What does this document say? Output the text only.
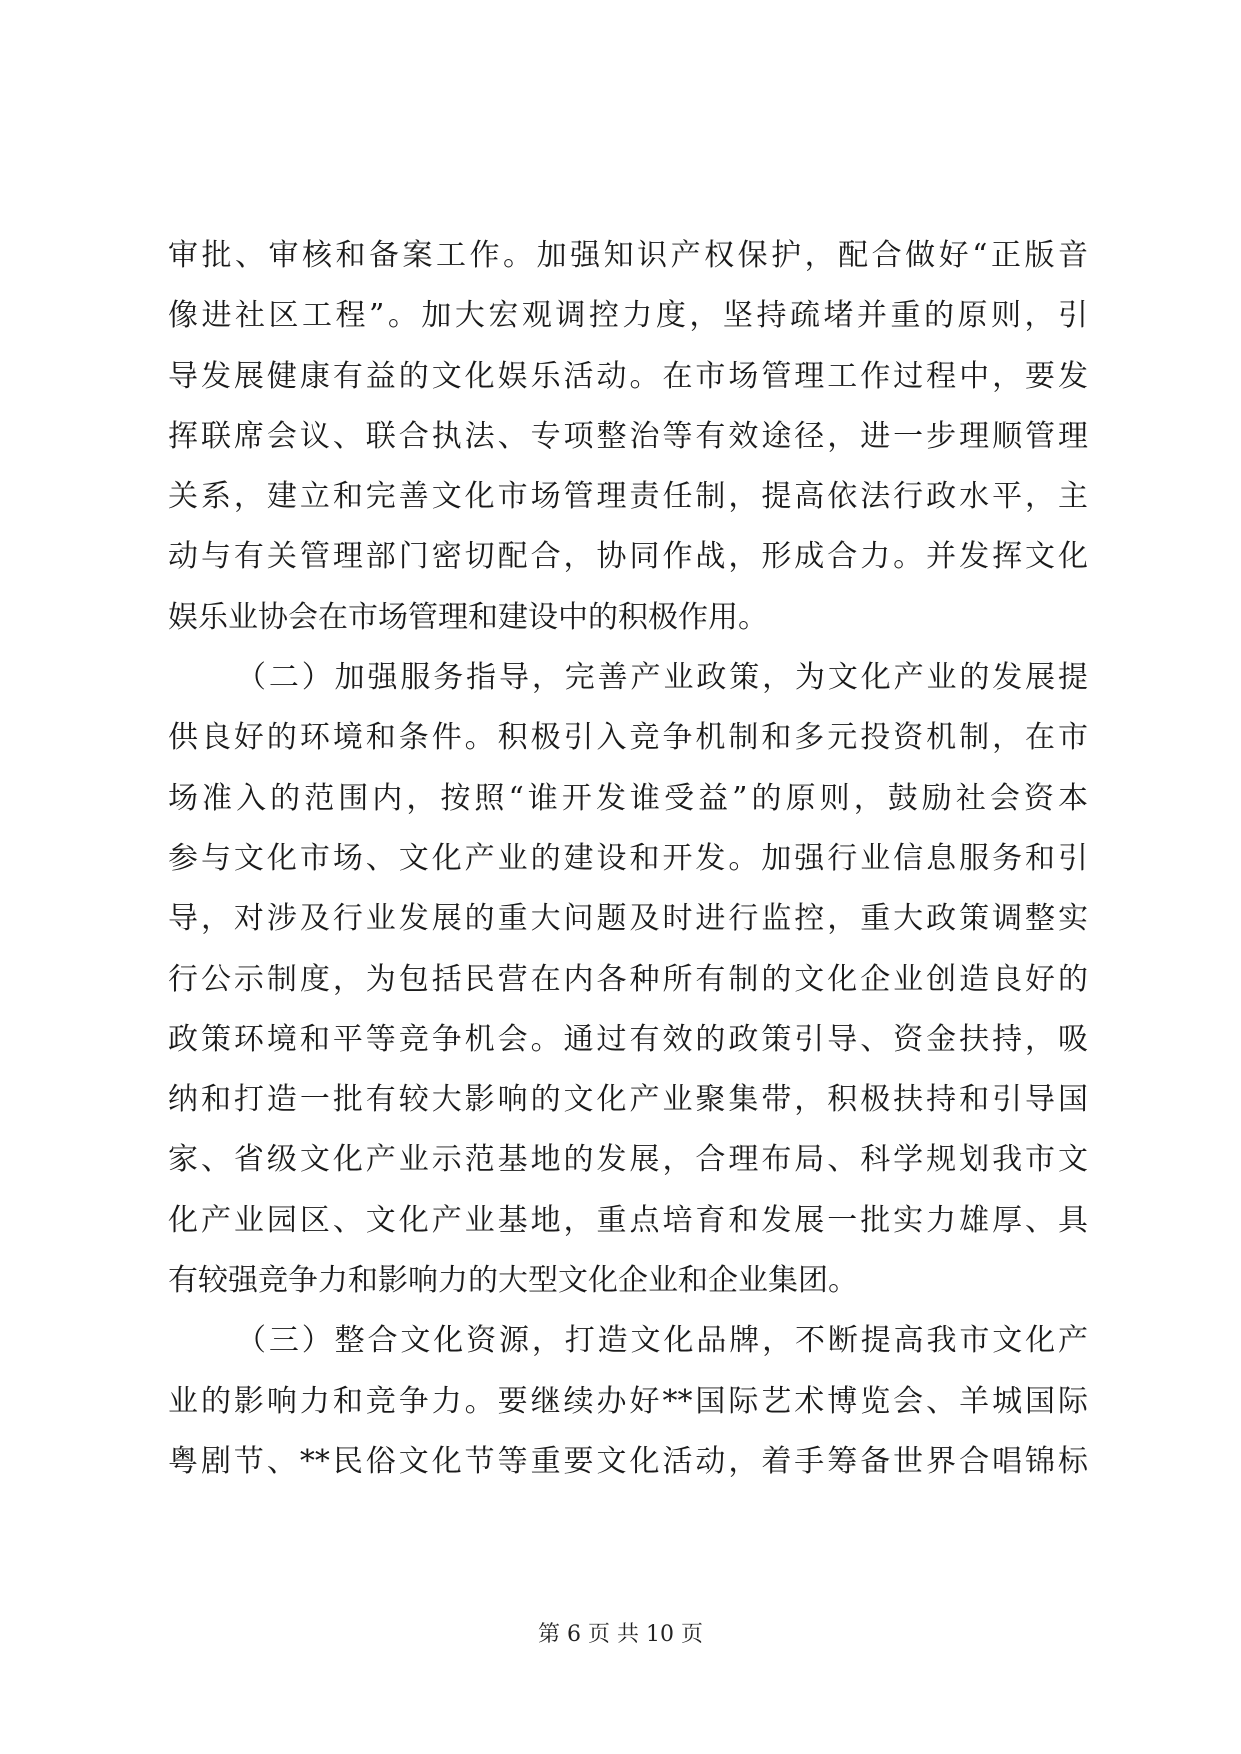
审批、审核和备案工作。加强知识产权保护，配合做好“正版音
像进社区工程”。加大宏观调控力度，坚持疏堵并重的原则，引
导发展健康有益的文化娱乐活动。在市场管理工作过程中，要发
挥联席会议、联合执法、专项整治等有效途径，进一步理顺管理
关系，建立和完善文化市场管理责任制，提高依法行政水平，主
动与有关管理部门密切配合，协同作战，形成合力。并发挥文化
娱乐业协会在市场管理和建设中的积极作用。
（二）加强服务指导，完善产业政策，为文化产业的发展提
供良好的环境和条件。积极引入竞争机制和多元投资机制，在市
场准入的范围内，按照“谁开发谁受益”的原则，鼓励社会资本
参与文化市场、文化产业的建设和开发。加强行业信息服务和引
导，对涉及行业发展的重大问题及时进行监控，重大政策调整实
行公示制度，为包括民营在内各种所有制的文化企业创造良好的
政策环境和平等竞争机会。通过有效的政策引导、资金扶持，吸
纳和打造一批有较大影响的文化产业聚集带，积极扶持和引导国
家、省级文化产业示范基地的发展，合理布局、科学规划我市文
化产业园区、文化产业基地，重点培育和发展一批实力雄厚、具
有较强竞争力和影响力的大型文化企业和企业集团。
（三）整合文化资源，打造文化品牌，不断提高我市文化产
业的影响力和竞争力。要继续办好**国际艺术博览会、羊城国际
粤剧节、**民俗文化节等重要文化活动，着手筹备世界合唱锦标
第 6 页 共 10 页
